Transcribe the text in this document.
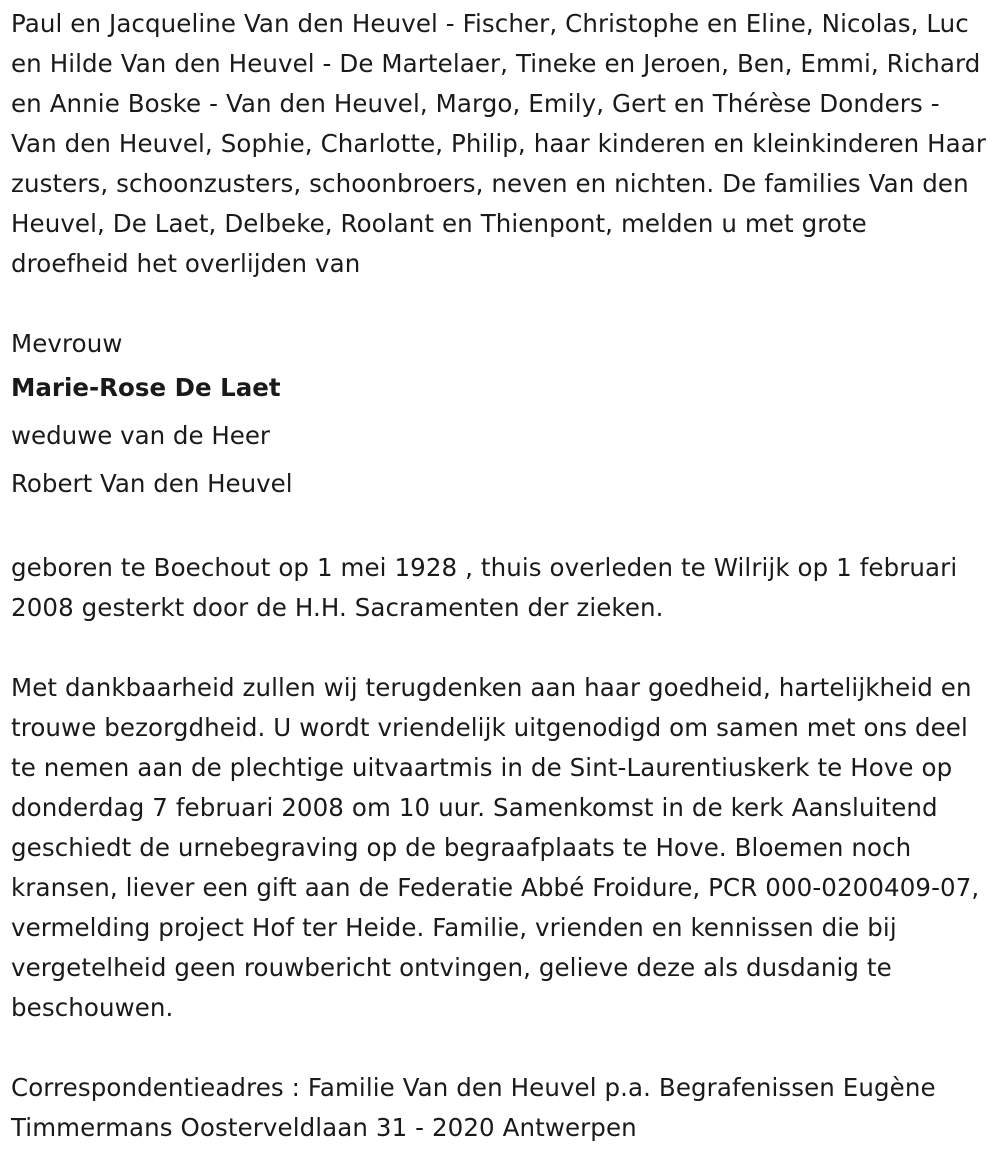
Paul en Jacqueline Van den Heuvel - Fischer, Christophe en Eline, Nicolas, Luc en Hilde Van den Heuvel - De Martelaer, Tineke en Jeroen, Ben, Emmi, Richard en Annie Boske - Van den Heuvel, Margo, Emily, Gert en Thérèse Donders - Van den Heuvel, Sophie, Charlotte, Philip, haar kinderen en kleinkinderen Haar zusters, schoonzusters, schoonbroers, neven en nichten. De families Van den Heuvel, De Laet, Delbeke, Roolant en Thienpont, melden u met grote droefheid het overlijden van

Mevrouw

Marie-Rose De Laet

weduwe van de Heer

Robert Van den Heuvel

geboren te Boechout op 1 mei 1928 , thuis overleden te Wilrijk op 1 februari 2008 gesterkt door de H.H. Sacramenten der zieken.

Met dankbaarheid zullen wij terugdenken aan haar goedheid, hartelijkheid en trouwe bezorgdheid. U wordt vriendelijk uitgenodigd om samen met ons deel te nemen aan de plechtige uitvaartmis in de Sint-Laurentiuskerk te Hove op donderdag 7 februari 2008 om 10 uur. Samenkomst in de kerk Aansluitend geschiedt de urnebegraving op de begraafplaats te Hove. Bloemen noch kransen, liever een gift aan de Federatie Abbé Froidure, PCR 000-0200409-07, vermelding project Hof ter Heide. Familie, vrienden en kennissen die bij vergetelheid geen rouwbericht ontvingen, gelieve deze als dusdanig te beschouwen.

Correspondentieadres : Familie Van den Heuvel p.a. Begrafenissen Eugène Timmermans Oosterveldlaan 31 - 2020 Antwerpen
